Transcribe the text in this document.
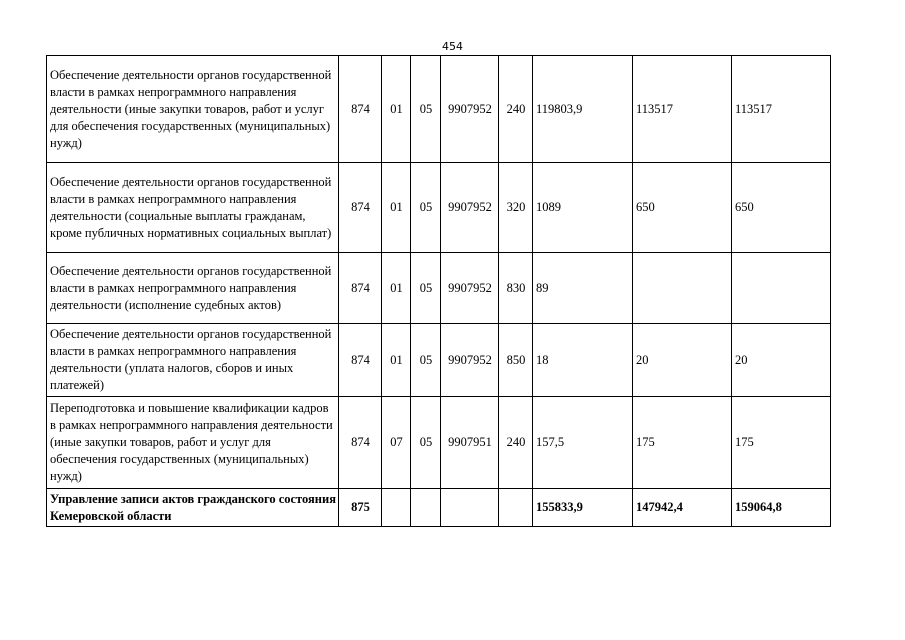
454
Обеспечение деятельности органов государственной власти в рамках непрограммного направления деятельности (иные закупки товаров, работ и услуг для обеспечения государственных (муниципальных) нужд)	874	01	05	9907952	240	119803,9	113517	113517
Обеспечение деятельности органов государственной власти в рамках непрограммного направления деятельности (социальные выплаты гражданам, кроме публичных нормативных социальных выплат)	874	01	05	9907952	320	1089	650	650
Обеспечение деятельности органов государственной власти в рамках непрограммного направления деятельности (исполнение судебных актов)	874	01	05	9907952	830	89		
Обеспечение деятельности органов государственной власти в рамках непрограммного направления деятельности (уплата налогов, сборов и иных платежей)	874	01	05	9907952	850	18	20	20
Переподготовка и повышение квалификации кадров в рамках непрограммного направления деятельности (иные закупки товаров, работ и услуг для обеспечения государственных (муниципальных) нужд)	874	07	05	9907951	240	157,5	175	175
Управление записи актов гражданского состояния Кемеровской области	875					155833,9	147942,4	159064,8
